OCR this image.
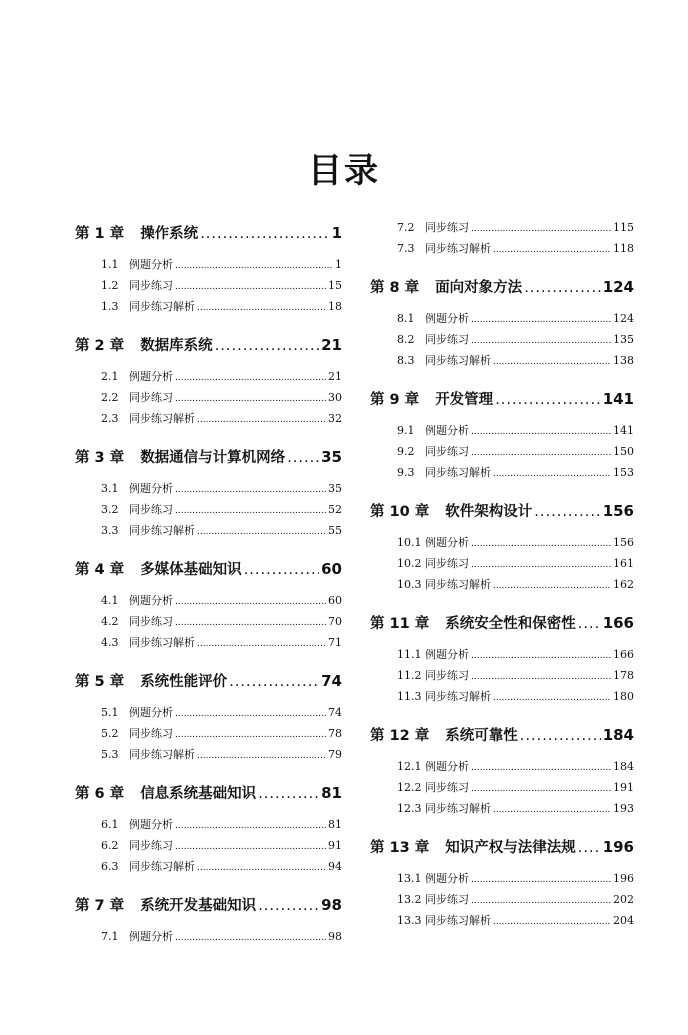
目录
第 1 章 操作系统 .....	1
1.1 例题分析 .....	1
1.2 同步练习 .....	15
1.3 同步练习解析 .....	18
第 2 章 数据库系统 .....	21
2.1 例题分析 .....	21
2.2 同步练习 .....	30
2.3 同步练习解析 .....	32
第 3 章 数据通信与计算机网络 ..... 35
3.1 例题分析 .....	35
3.2 同步练习 .....	52
3.3 同步练习解析 .....	55
第 4 章 多媒体基础知识 .....	60
4.1 例题分析 .....	60
4.2 同步练习 .....	70
4.3 同步练习解析 .....	71
第 5 章 系统性能评价 .....	74
5.1 例题分析 .....	74
5.2 同步练习 .....	78
5.3 同步练习解析 .....	79
第 6 章 信息系统基础知识 .....	81
6.1 例题分析 .....	81
6.2 同步练习 .....	91
6.3 同步练习解析 .....	94
第 7 章 系统开发基础知识 .....	98
7.1 例题分析 .....	98
7.2 同步练习 .....	115
7.3 同步练习解析 .....	118
第 8 章 面向对象方法 .....	124
8.1 例题分析 .....	124
8.2 同步练习 .....	135
8.3 同步练习解析 .....	138
第 9 章 开发管理 .....	141
9.1 例题分析 .....	141
9.2 同步练习 .....	150
9.3 同步练习解析 .....	153
第 10 章 软件架构设计 .....	156
10.1 例题分析 .....	156
10.2 同步练习 .....	161
10.3 同步练习解析 .....	162
第 11 章 系统安全性和保密性 ..... 166
11.1 例题分析 .....	166
11.2 同步练习 .....	178
11.3 同步练习解析 .....	180
第 12 章 系统可靠性 .....	184
12.1 例题分析 .....	184
12.2 同步练习 .....	191
12.3 同步练习解析 .....	193
第 13 章 知识产权与法律法规 ..... 196
13.1 例题分析 .....	196
13.2 同步练习 .....	202
13.3 同步练习解析 .....	204
